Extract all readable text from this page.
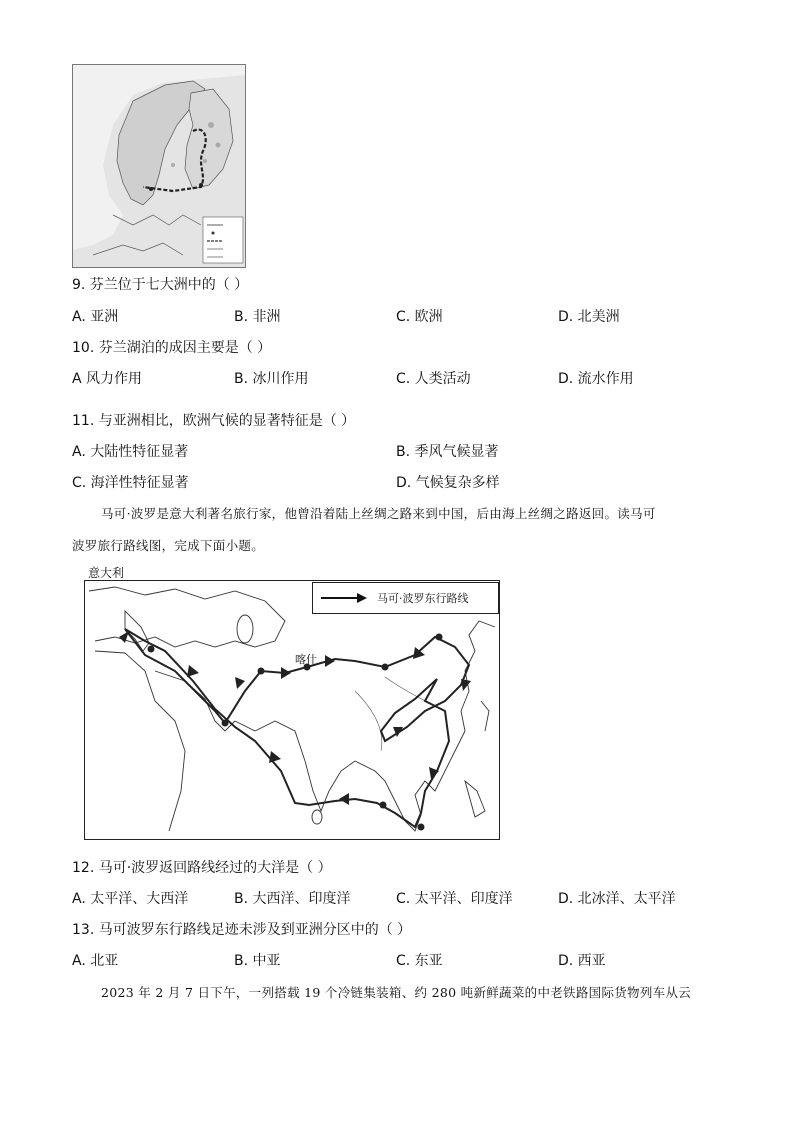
9. 芬兰位于七大洲中的（ ）
A. 亚洲	B. 非洲	C. 欧洲	D. 北美洲
10. 芬兰湖泊的成因主要是（ ）
A 风力作用	B. 冰川作用	C. 人类活动	D. 流水作用
11. 与亚洲相比，欧洲气候的显著特征是（ ）
A. 大陆性特征显著	B. 季风气候显著
C. 海洋性特征显著	D. 气候复杂多样
马可·波罗是意大利著名旅行家，他曾沿着陆上丝绸之路来到中国，后由海上丝绸之路返回。读马可
波罗旅行路线图，完成下面小题。
意大利
马可·波罗东行路线
喀什
12. 马可·波罗返回路线经过的大洋是（ ）
A. 太平洋、大西洋	B. 大西洋、印度洋	C. 太平洋、印度洋	D. 北冰洋、太平洋
13. 马可波罗东行路线足迹未涉及到亚洲分区中的（ ）
A. 北亚	B. 中亚	C. 东亚	D. 西亚
2023 年 2 月 7 日下午，一列搭载 19 个冷链集装箱、约 280 吨新鲜蔬菜的中老铁路国际货物列车从云
